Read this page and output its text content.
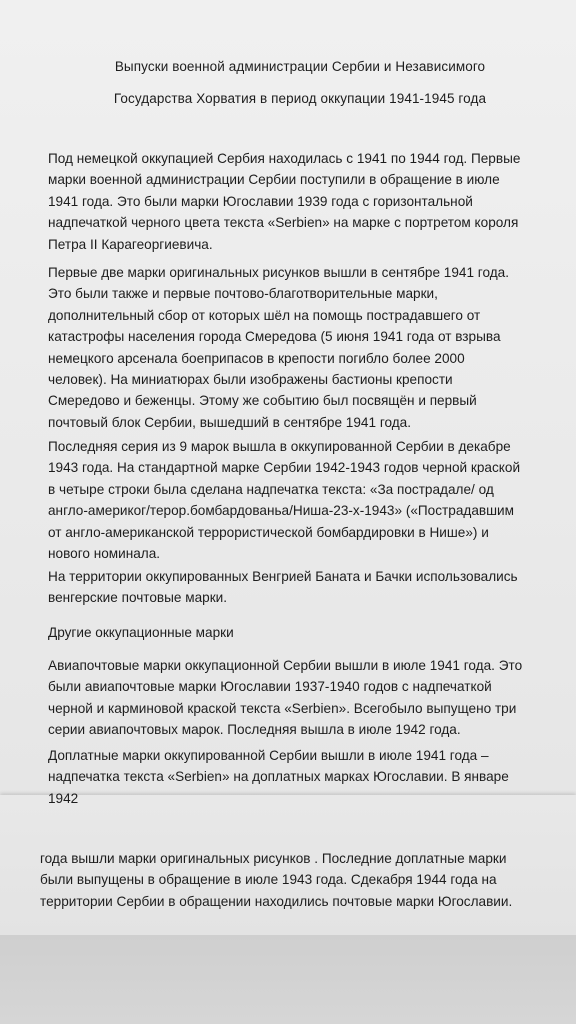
Выпуски военной администрации Сербии и Независимого
Государства Хорватия в период оккупации 1941-1945 года

Под немецкой оккупацией Сербия находилась с 1941 по 1944 год. Первые марки военной администрации Сербии поступили в обращение в июле 1941 года. Это были марки Югославии 1939 года с горизонтальной надпечаткой черного цвета текста «Serbien» на марке с портретом короля Петра II Карагеоргиевича.

Первые две марки оригинальных рисунков вышли в сентябре 1941 года. Это были также и первые почтово-благотворительные марки, дополнительный сбор от которых шёл на помощь пострадавшего от катастрофы населения города Смередова (5 июня 1941 года от взрыва немецкого арсенала боеприпасов в крепости погибло более 2000 человек). На миниатюрах были изображены бастионы крепости Смередово и беженцы. Этому же событию был посвящён и первый почтовый блок Сербии, вышедший в сентябре 1941 года.

Последняя серия из 9 марок вышла в оккупированной Сербии в декабре 1943 года. На стандартной марке Сербии 1942-1943 годов черной краской в четыре строки была сделана надпечатка текста: «За пострадале/ од англо-америког/терор.бомбардованьа/Ниша-23-х-1943» («Пострадавшим от англо-американской террористической бомбардировки в Нише») и нового номинала.

На территории оккупированных Венгрией Баната и Бачки использовались венгерские почтовые марки.

Другие оккупационные марки

Авиапочтовые марки оккупационной Сербии вышли в июле 1941 года. Это были авиапочтовые марки Югославии 1937-1940 годов с надпечаткой черной и карминовой краской текста «Serbien». Всегобыло выпущено три серии авиапочтовых марок. Последняя вышла в июле 1942 года.

Доплатные марки оккупированной Сербии вышли в июле 1941 года – надпечатка текста «Serbien» на доплатных марках Югославии. В январе 1942

года вышли марки оригинальных рисунков . Последние доплатные марки были выпущены в обращение в июле 1943 года. Сдекабря 1944 года на территории Сербии в обращении находились почтовые марки Югославии.
